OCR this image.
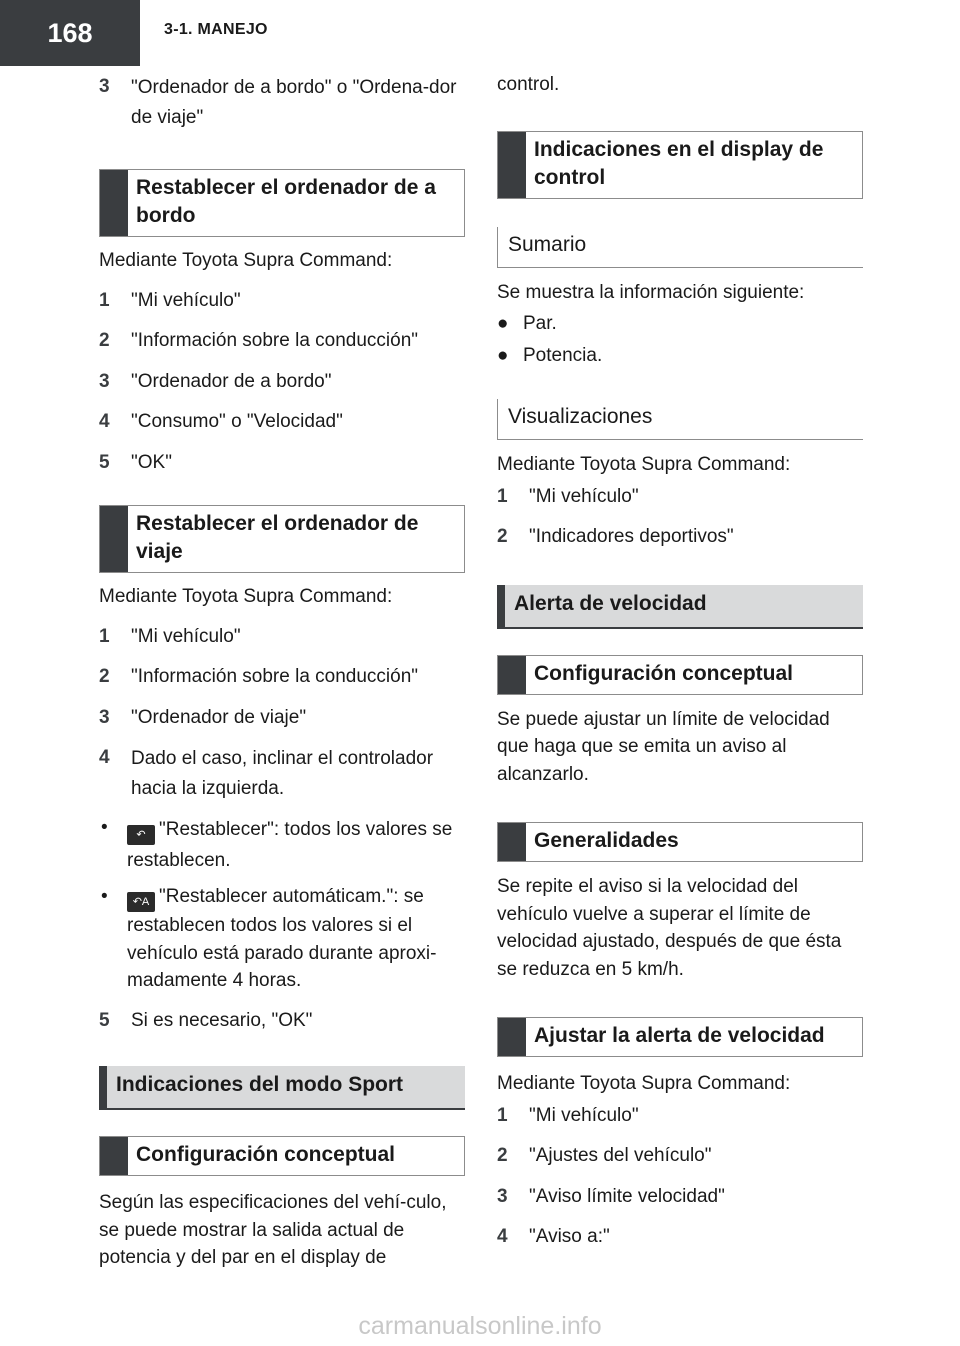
168	3-1. MANEJO
3	"Ordenador de a bordo" o "Ordena-dor de viaje"
Restablecer el ordenador de a bordo

Mediante Toyota Supra Command:

1	"Mi vehículo"
2	"Información sobre la conducción"
3	"Ordenador de a bordo"
4	"Consumo" o "Velocidad"
5	"OK"
Restablecer el ordenador de viaje

Mediante Toyota Supra Command:

1	"Mi vehículo"
2	"Información sobre la conducción"
3	"Ordenador de viaje"
4	Dado el caso, inclinar el controlador hacia la izquierda.
•	↶ "Restablecer": todos los valores se restablecen.
•	↶A "Restablecer automáticam.": se restablecen todos los valores si el vehículo está parado durante aproxi-madamente 4 horas.
5	Si es necesario, "OK"
Indicaciones del modo Sport
Configuración conceptual

Según las especificaciones del vehí-culo, se puede mostrar la salida actual de potencia y del par en el display de

control.

Indicaciones en el display de control
Sumario

Se muestra la información siguiente:

● Par.
● Potencia.
Visualizaciones

Mediante Toyota Supra Command:

1	"Mi vehículo"
2	"Indicadores deportivos"
Alerta de velocidad
Configuración conceptual

Se puede ajustar un límite de velocidad que haga que se emita un aviso al alcanzarlo.

Generalidades

Se repite el aviso si la velocidad del vehículo vuelve a superar el límite de velocidad ajustado, después de que ésta se reduzca en 5 km/h.

Ajustar la alerta de velocidad

Mediante Toyota Supra Command:

1	"Mi vehículo"
2	"Ajustes del vehículo"
3	"Aviso límite velocidad"
4	"Aviso a:"
carmanualsonline.info
